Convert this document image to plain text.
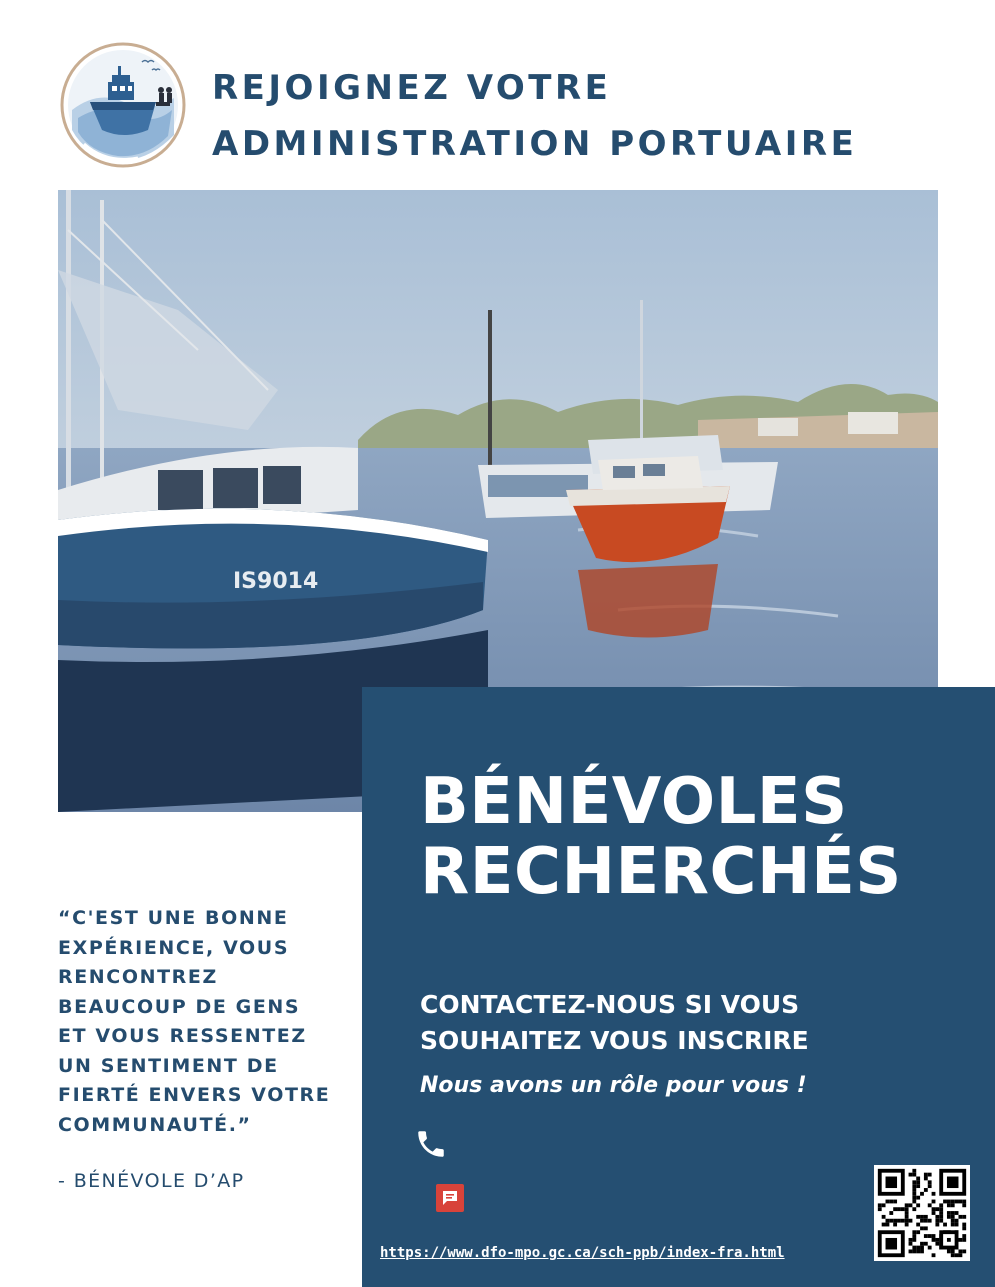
REJOIGNEZ VOTRE
ADMINISTRATION PORTUAIRE
IS9014
BÉNÉVOLES
RECHERCHÉS

CONTACTEZ-NOUS SI VOUS
SOUHAITEZ VOUS INSCRIRE

Nous avons un rôle pour vous !
https://www.dfo-mpo.gc.ca/sch-ppb/index-fra.html

“C'EST UNE BONNE
EXPÉRIENCE, VOUS
RENCONTREZ
BEAUCOUP DE GENS
ET VOUS RESSENTEZ
UN SENTIMENT DE
FIERTÉ ENVERS VOTRE
COMMUNAUTÉ.”

- BÉNÉVOLE D’AP
